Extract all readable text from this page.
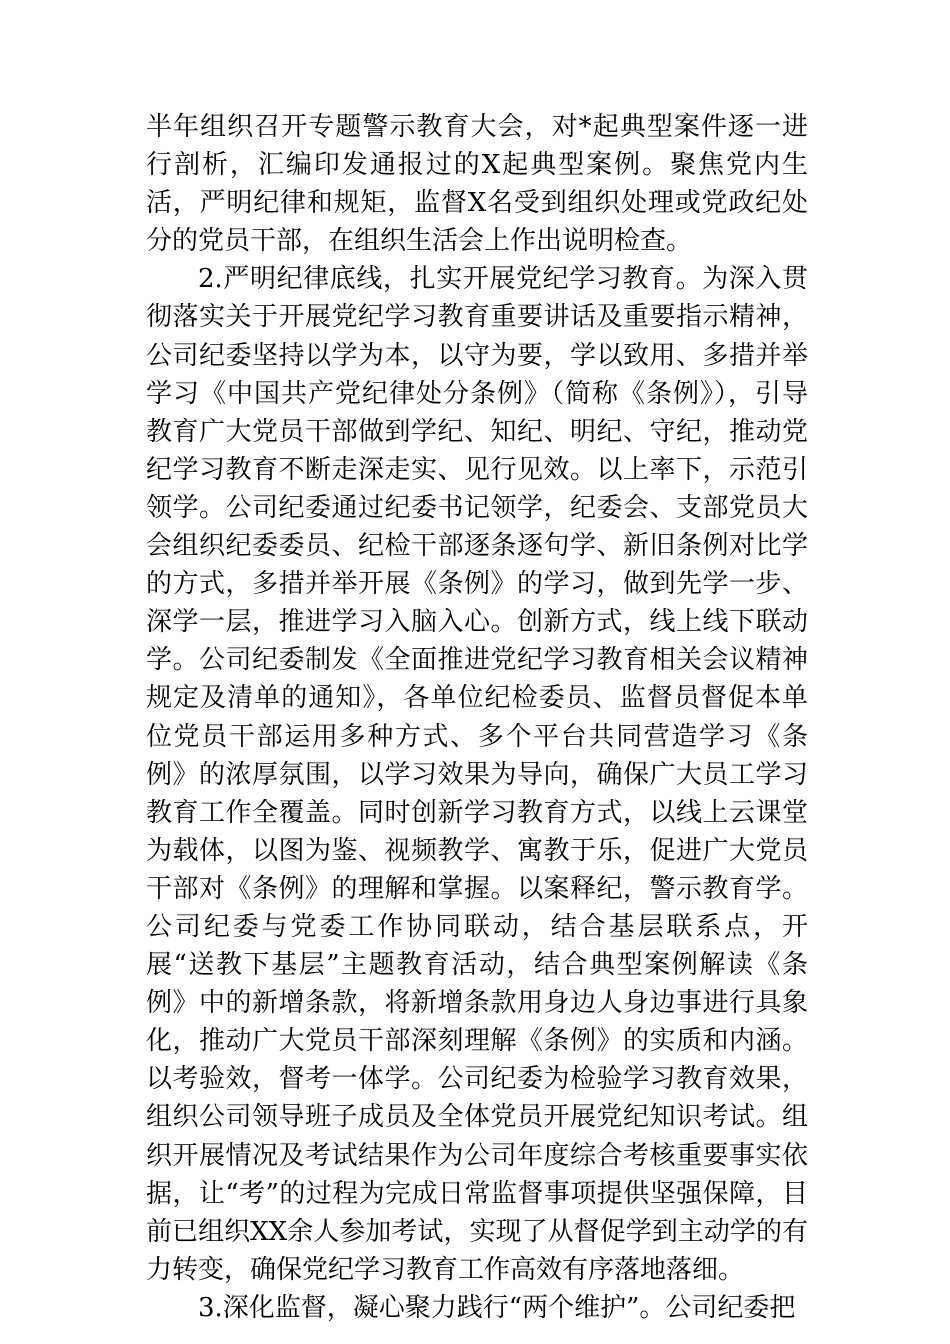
半年组织召开专题警示教育大会，对*起典型案件逐一进行剖析，汇编印发通报过的X起典型案例。聚焦党内生活，严明纪律和规矩，监督X名受到组织处理或党政纪处分的党员干部，在组织生活会上作出说明检查。

2.严明纪律底线，扎实开展党纪学习教育。为深入贯彻落实关于开展党纪学习教育重要讲话及重要指示精神，公司纪委坚持以学为本，以守为要，学以致用、多措并举学习《中国共产党纪律处分条例》（简称《条例》），引导教育广大党员干部做到学纪、知纪、明纪、守纪，推动党纪学习教育不断走深走实、见行见效。以上率下，示范引领学。公司纪委通过纪委书记领学，纪委会、支部党员大会组织纪委委员、纪检干部逐条逐句学、新旧条例对比学的方式，多措并举开展《条例》的学习，做到先学一步、深学一层，推进学习入脑入心。创新方式，线上线下联动学。公司纪委制发《全面推进党纪学习教育相关会议精神规定及清单的通知》，各单位纪检委员、监督员督促本单位党员干部运用多种方式、多个平台共同营造学习《条例》的浓厚氛围，以学习效果为导向，确保广大员工学习教育工作全覆盖。同时创新学习教育方式，以线上云课堂为载体，以图为鉴、视频教学、寓教于乐，促进广大党员干部对《条例》的理解和掌握。以案释纪，警示教育学。公司纪委与党委工作协同联动，结合基层联系点，开展“送教下基层”主题教育活动，结合典型案例解读《条例》中的新增条款，将新增条款用身边人身边事进行具象化，推动广大党员干部深刻理解《条例》的实质和内涵。以考验效，督考一体学。公司纪委为检验学习教育效果，组织公司领导班子成员及全体党员开展党纪知识考试。组织开展情况及考试结果作为公司年度综合考核重要事实依据，让“考”的过程为完成日常监督事项提供坚强保障，目前已组织XX余人参加考试，实现了从督促学到主动学的有力转变，确保党纪学习教育工作高效有序落地落细。

3.深化监督，凝心聚力践行“两个维护”。公司纪委把
